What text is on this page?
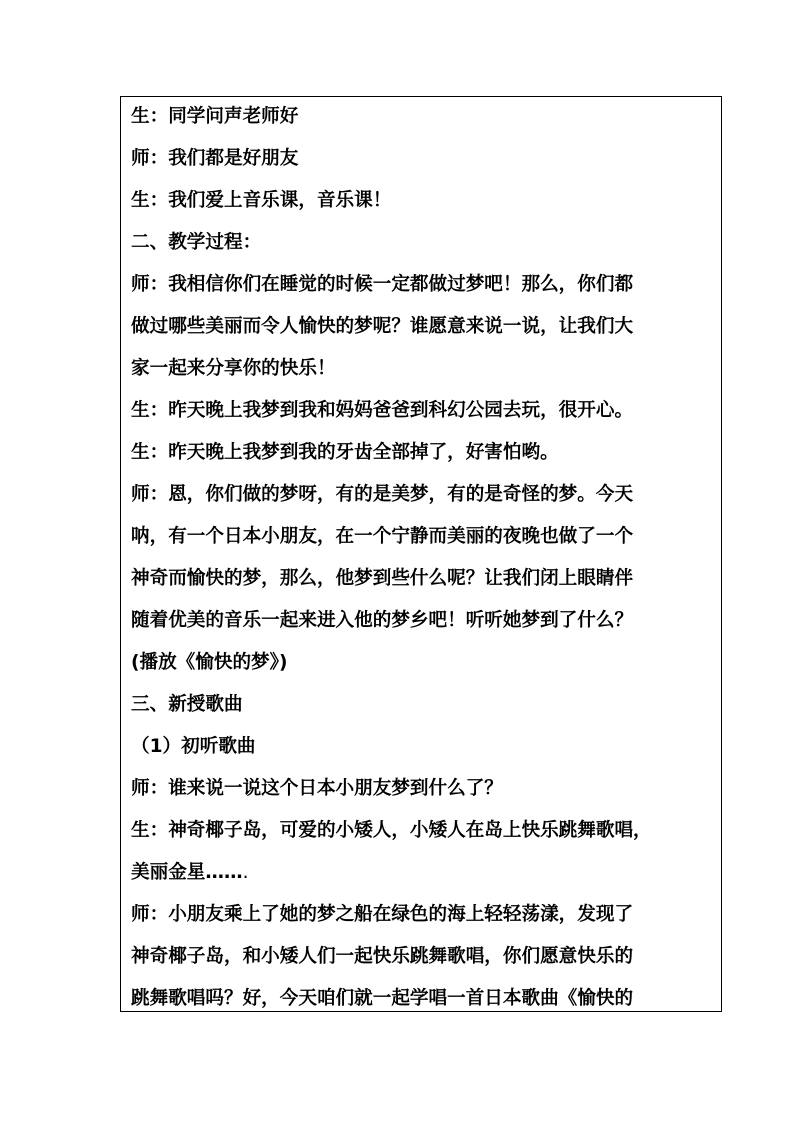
生：同学问声老师好
师：我们都是好朋友
生：我们爱上音乐课，音乐课！
二、教学过程：
师：我相信你们在睡觉的时候一定都做过梦吧！那么，你们都
做过哪些美丽而令人愉快的梦呢？谁愿意来说一说，让我们大
家一起来分享你的快乐！
生：昨天晚上我梦到我和妈妈爸爸到科幻公园去玩，很开心。
生：昨天晚上我梦到我的牙齿全部掉了，好害怕哟。
师：恩，你们做的梦呀，有的是美梦，有的是奇怪的梦。今天
呐，有一个日本小朋友，在一个宁静而美丽的夜晚也做了一个
神奇而愉快的梦，那么，他梦到些什么呢？让我们闭上眼睛伴
随着优美的音乐一起来进入他的梦乡吧！听听她梦到了什么？
(播放《愉快的梦》)
三、新授歌曲
（1）初听歌曲
师：谁来说一说这个日本小朋友梦到什么了？
生：神奇椰子岛，可爱的小矮人，小矮人在岛上快乐跳舞歌唱，
美丽金星…….
师：小朋友乘上了她的梦之船在绿色的海上轻轻荡漾，发现了
神奇椰子岛，和小矮人们一起快乐跳舞歌唱，你们愿意快乐的
跳舞歌唱吗？好，今天咱们就一起学唱一首日本歌曲《愉快的
